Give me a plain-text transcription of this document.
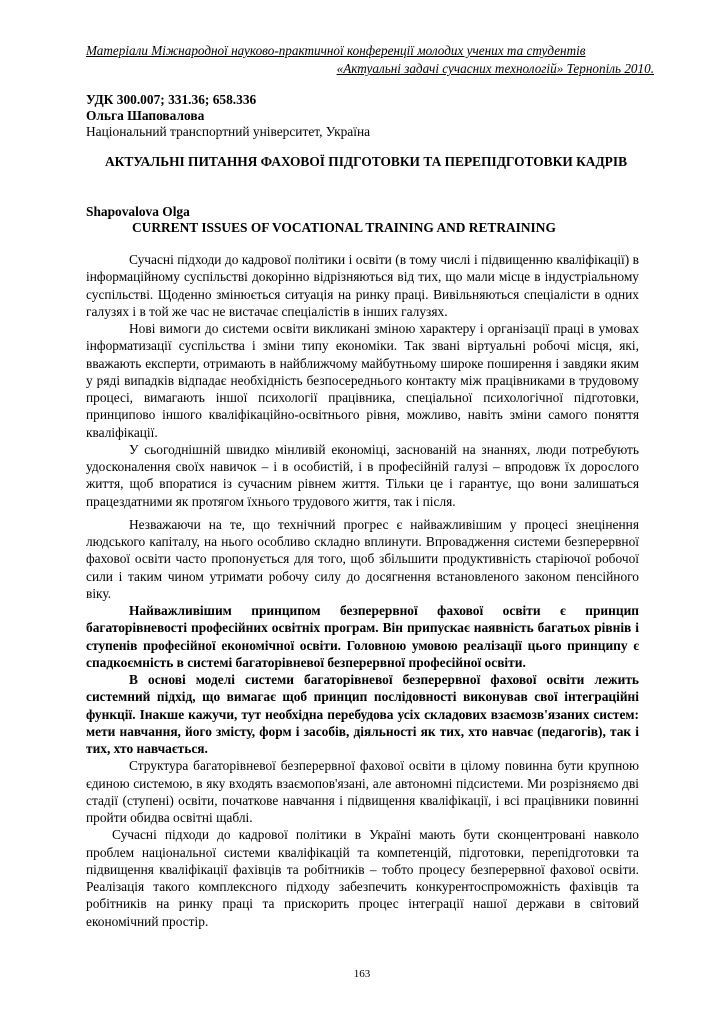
Матеріали Міжнародної науково-практичної конференції молодих учених та студентів
«Актуальні задачі сучасних технологій» Тернопіль 2010.
УДК 300.007; 331.36; 658.336
Ольга Шаповалова
Національний транспортний університет, Україна
АКТУАЛЬНІ ПИТАННЯ ФАХОВОЇ ПІДГОТОВКИ ТА ПЕРЕПІДГОТОВКИ КАДРІВ
Shapovalova Olga
CURRENT ISSUES OF VOCATIONAL TRAINING AND RETRAINING

Сучасні підходи до кадрової політики і освіти (в тому числі і підвищенню кваліфікації) в інформаційному суспільстві докорінно відрізняються від тих, що мали місце в індустріальному суспільстві. Щоденно змінюється ситуація на ринку праці. Вивільняються спеціалісти в одних галузях і в той же час не вистачає спеціалістів в інших галузях.

Нові вимоги до системи освіти викликані зміною характеру і організації праці в умовах інформатизації суспільства і зміни типу економіки. Так звані віртуальні робочі місця, які, вважають експерти, отримають в найближчому майбутньому широке поширення і завдяки яким у ряді випадків відпадає необхідність безпосереднього контакту між працівниками в трудовому процесі, вимагають іншої психології працівника, спеціальної психологічної підготовки, принципово іншого кваліфікаційно-освітнього рівня, можливо, навіть зміни самого поняття кваліфікації.

У сьогоднішній швидко мінливій економіці, заснованій на знаннях, люди потребують удосконалення своїх навичок – і в особистій, і в професійній галузі – впродовж їх дорослого життя, щоб впоратися із сучасним рівнем життя. Тільки це і гарантує, що вони залишаться працездатними як протягом їхнього трудового життя, так і після.

Незважаючи на те, що технічний прогрес є найважливішим у процесі знецінення людського капіталу, на нього особливо складно вплинути. Впровадження системи безперервної фахової освіти часто пропонується для того, щоб збільшити продуктивність старіючої робочої сили і таким чином утримати робочу силу до досягнення встановленого законом пенсійного віку.

Найважливішим принципом безперервної фахової освіти є принцип багаторівневості професійних освітніх програм. Він припускає наявність багатьох рівнів і ступенів професійної економічної освіти. Головною умовою реалізації цього принципу є спадкоємність в системі багаторівневої безперервної професійної освіти.

В основі моделі системи багаторівневої безперервної фахової освіти лежить системний підхід, що вимагає щоб принцип послідовності виконував свої інтеграційні функції. Інакше кажучи, тут необхідна перебудова усіх складових взаємозв'язаних систем: мети навчання, його змісту, форм і засобів, діяльності як тих, хто навчає (педагогів), так і тих, хто навчається.

Структура багаторівневої безперервної фахової освіти в цілому повинна бути крупною єдиною системою, в яку входять взаємопов'язані, але автономні підсистеми. Ми розрізняємо дві стадії (ступені) освіти, початкове навчання і підвищення кваліфікації, і всі працівники повинні пройти обидва освітні щаблі.

Сучасні підходи до кадрової політики в Україні мають бути сконцентровані навколо проблем національної системи кваліфікацій та компетенцій, підготовки, перепідготовки та підвищення кваліфікації фахівців та робітників – тобто процесу безперервної фахової освіти. Реалізація такого комплексного підходу забезпечить конкурентоспроможність фахівців та робітників на ринку праці та прискорить процес інтеграції нашої держави в світовий економічний простір.

163
